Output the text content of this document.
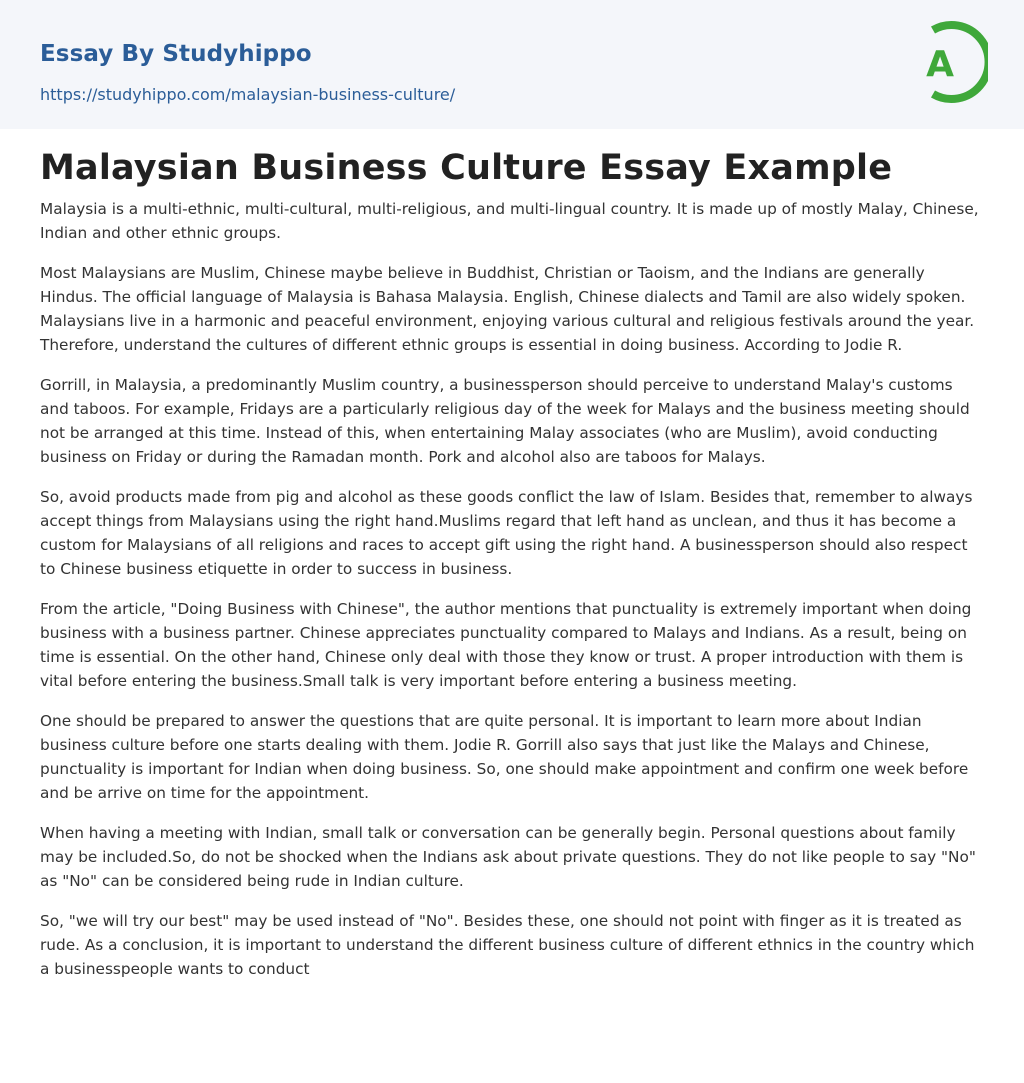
Essay By Studyhippo
https://studyhippo.com/malaysian-business-culture/
A
Malaysian Business Culture Essay Example

Malaysia is a multi-ethnic, multi-cultural, multi-religious, and multi-lingual country. It is made up of mostly Malay, Chinese, Indian and other ethnic groups.

Most Malaysians are Muslim, Chinese maybe believe in Buddhist, Christian or Taoism, and the Indians are generally Hindus. The official language of Malaysia is Bahasa Malaysia. English, Chinese dialects and Tamil are also widely spoken. Malaysians live in a harmonic and peaceful environment, enjoying various cultural and religious festivals around the year. Therefore, understand the cultures of different ethnic groups is essential in doing business. According to Jodie R.

Gorrill, in Malaysia, a predominantly Muslim country, a businessperson should perceive to understand Malay's customs and taboos. For example, Fridays are a particularly religious day of the week for Malays and the business meeting should not be arranged at this time. Instead of this, when entertaining Malay associates (who are Muslim), avoid conducting business on Friday or during the Ramadan month. Pork and alcohol also are taboos for Malays.

So, avoid products made from pig and alcohol as these goods conflict the law of Islam. Besides that, remember to always accept things from Malaysians using the right hand.Muslims regard that left hand as unclean, and thus it has become a custom for Malaysians of all religions and races to accept gift using the right hand. A businessperson should also respect to Chinese business etiquette in order to success in business.

From the article, "Doing Business with Chinese", the author mentions that punctuality is extremely important when doing business with a business partner. Chinese appreciates punctuality compared to Malays and Indians. As a result, being on time is essential. On the other hand, Chinese only deal with those they know or trust. A proper introduction with them is vital before entering the business.Small talk is very important before entering a business meeting.

One should be prepared to answer the questions that are quite personal. It is important to learn more about Indian business culture before one starts dealing with them. Jodie R. Gorrill also says that just like the Malays and Chinese, punctuality is important for Indian when doing business. So, one should make appointment and confirm one week before and be arrive on time for the appointment.

When having a meeting with Indian, small talk or conversation can be generally begin. Personal questions about family may be included.So, do not be shocked when the Indians ask about private questions. They do not like people to say "No" as "No" can be considered being rude in Indian culture.

So, "we will try our best" may be used instead of "No". Besides these, one should not point with finger as it is treated as rude. As a conclusion, it is important to understand the different business culture of different ethnics in the country which a businesspeople wants to conduct
